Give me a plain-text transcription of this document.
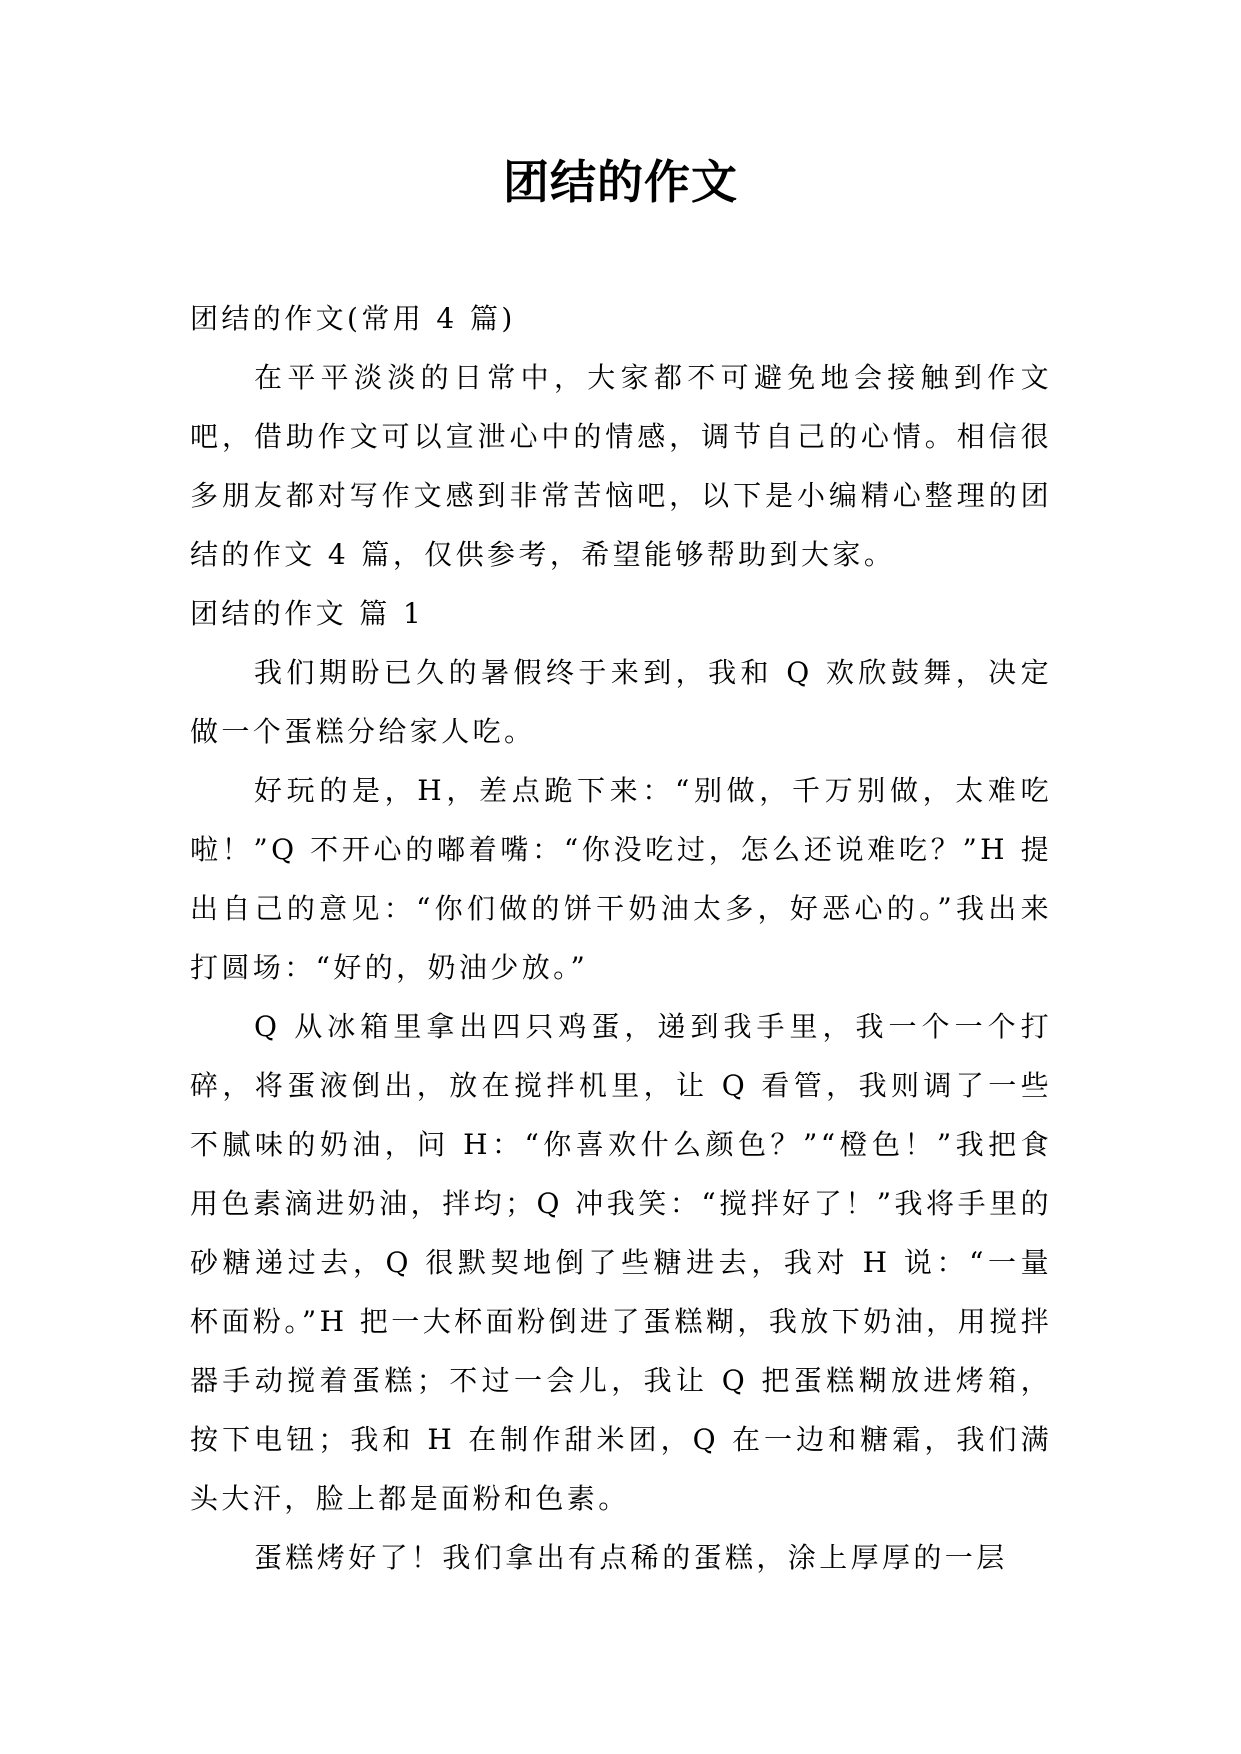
团结的作文

团结的作文(常用 4 篇)

在平平淡淡的日常中，大家都不可避免地会接触到作文吧，借助作文可以宣泄心中的情感，调节自己的心情。相信很多朋友都对写作文感到非常苦恼吧，以下是小编精心整理的团结的作文 4 篇，仅供参考，希望能够帮助到大家。

团结的作文 篇 1

我们期盼已久的暑假终于来到，我和 Q 欢欣鼓舞，决定做一个蛋糕分给家人吃。

好玩的是，H，差点跪下来：“别做，千万别做，太难吃啦！”Q 不开心的嘟着嘴：“你没吃过，怎么还说难吃？”H 提出自己的意见：“你们做的饼干奶油太多，好恶心的。”我出来打圆场：“好的，奶油少放。”

Q 从冰箱里拿出四只鸡蛋，递到我手里，我一个一个打碎，将蛋液倒出，放在搅拌机里，让 Q 看管，我则调了一些不腻味的奶油，问 H：“你喜欢什么颜色？”“橙色！”我把食用色素滴进奶油，拌均；Q 冲我笑：“搅拌好了！”我将手里的砂糖递过去，Q 很默契地倒了些糖进去，我对 H 说：“一量杯面粉。”H 把一大杯面粉倒进了蛋糕糊，我放下奶油，用搅拌器手动搅着蛋糕；不过一会儿，我让 Q 把蛋糕糊放进烤箱，按下电钮；我和 H 在制作甜米团，Q 在一边和糖霜，我们满头大汗，脸上都是面粉和色素。

蛋糕烤好了！我们拿出有点稀的蛋糕，涂上厚厚的一层
